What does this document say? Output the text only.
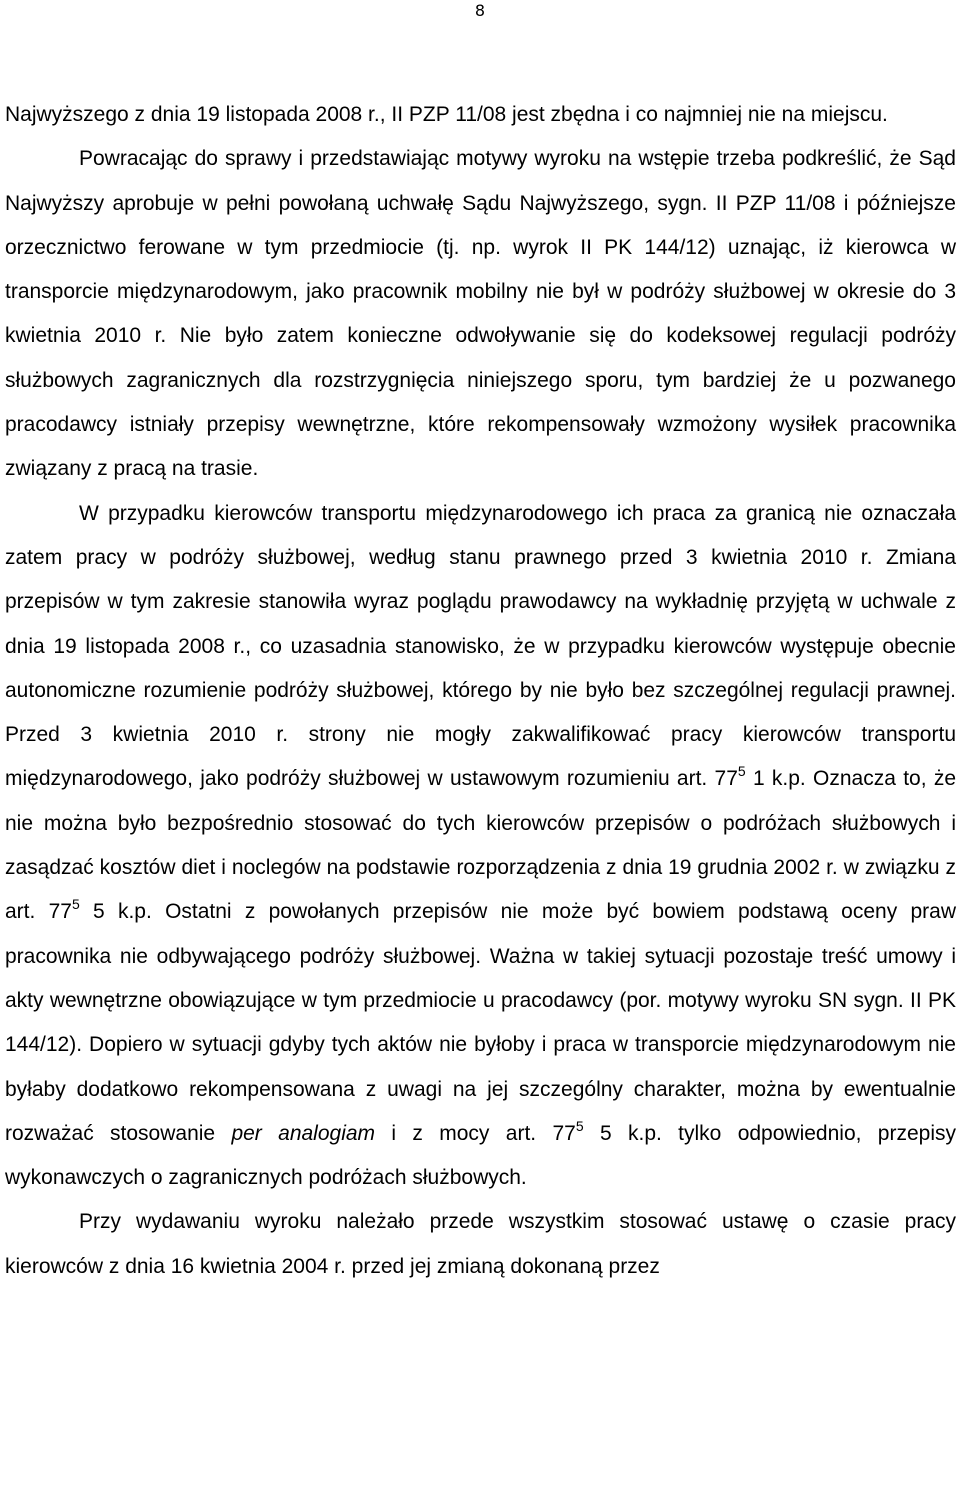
8

Najwyższego z dnia 19 listopada 2008 r., II PZP 11/08 jest zbędna i co najmniej nie na miejscu.

Powracając do sprawy i przedstawiając motywy wyroku na wstępie trzeba podkreślić, że Sąd Najwyższy aprobuje w pełni powołaną uchwałę Sądu Najwyższego, sygn. II PZP 11/08 i późniejsze orzecznictwo ferowane w tym przedmiocie (tj. np. wyrok II PK 144/12) uznając, iż kierowca w transporcie międzynarodowym, jako pracownik mobilny nie był w podróży służbowej w okresie do 3 kwietnia 2010 r. Nie było zatem konieczne odwoływanie się do kodeksowej regulacji podróży służbowych zagranicznych dla rozstrzygnięcia niniejszego sporu, tym bardziej że u pozwanego pracodawcy istniały przepisy wewnętrzne, które rekompensowały wzmożony wysiłek pracownika związany z pracą na trasie.

W przypadku kierowców transportu międzynarodowego ich praca za granicą nie oznaczała zatem pracy w podróży służbowej, według stanu prawnego przed 3 kwietnia 2010 r. Zmiana przepisów w tym zakresie stanowiła wyraz poglądu prawodawcy na wykładnię przyjętą w uchwale z dnia 19 listopada 2008 r., co uzasadnia stanowisko, że w przypadku kierowców występuje obecnie autonomiczne rozumienie podróży służbowej, którego by nie było bez szczególnej regulacji prawnej. Przed 3 kwietnia 2010 r. strony nie mogły zakwalifikować pracy kierowców transportu międzynarodowego, jako podróży służbowej w ustawowym rozumieniu art. $77^5$ 1 k.p. Oznacza to, że nie można było bezpośrednio stosować do tych kierowców przepisów o podróżach służbowych i zasądzać kosztów diet i noclegów na podstawie rozporządzenia z dnia 19 grudnia 2002 r. w związku z art. $77^5$ 5 k.p. Ostatni z powołanych przepisów nie może być bowiem podstawą oceny praw pracownika nie odbywającego podróży służbowej. Ważna w takiej sytuacji pozostaje treść umowy i akty wewnętrzne obowiązujące w tym przedmiocie u pracodawcy (por. motywy wyroku SN sygn. II PK 144/12). Dopiero w sytuacji gdyby tych aktów nie byłoby i praca w transporcie międzynarodowym nie byłaby dodatkowo rekompensowana z uwagi na jej szczególny charakter, można by ewentualnie rozważać stosowanie per analogiam i z mocy art. $77^5$ 5 k.p. tylko odpowiednio, przepisy wykonawczych o zagranicznych podróżach służbowych.

Przy wydawaniu wyroku należało przede wszystkim stosować ustawę o czasie pracy kierowców z dnia 16 kwietnia 2004 r. przed jej zmianą dokonaną przez
